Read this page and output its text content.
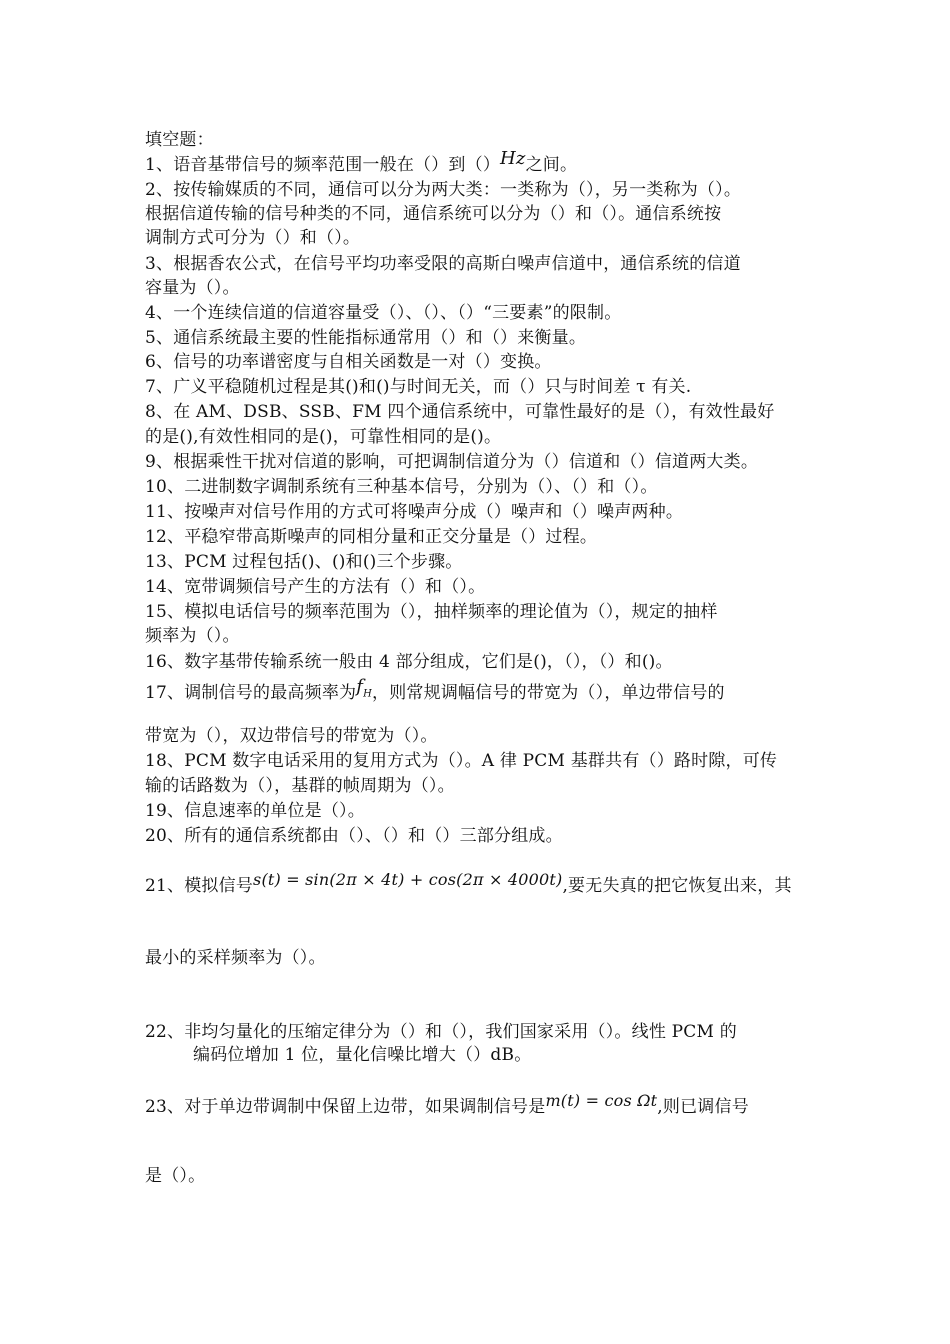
填空题：
1、语音基带信号的频率范围一般在（）到（）Hz之间。
2、按传输媒质的不同，通信可以分为两大类：一类称为（），另一类称为（）。
根据信道传输的信号种类的不同，通信系统可以分为（）和（）。通信系统按
调制方式可分为（）和（）。
3、根据香农公式，在信号平均功率受限的高斯白噪声信道中，通信系统的信道
容量为（）。
4、一个连续信道的信道容量受（）、（）、（）“三要素”的限制。
5、通信系统最主要的性能指标通常用（）和（）来衡量。
6、信号的功率谱密度与自相关函数是一对（）变换。
7、广义平稳随机过程是其()和()与时间无关，而（）只与时间差 τ 有关.
8、在 AM、DSB、SSB、FM 四个通信系统中，可靠性最好的是（），有效性最好
的是(),有效性相同的是()，可靠性相同的是()。
9、根据乘性干扰对信道的影响，可把调制信道分为（）信道和（）信道两大类。
10、二进制数字调制系统有三种基本信号，分别为（）、（）和（）。
11、按噪声对信号作用的方式可将噪声分成（）噪声和（）噪声两种。
12、平稳窄带高斯噪声的同相分量和正交分量是（）过程。
13、PCM 过程包括()、()和()三个步骤。
14、宽带调频信号产生的方法有（）和（）。
15、模拟电话信号的频率范围为（），抽样频率的理论值为（），规定的抽样
频率为（）。
16、数字基带传输系统一般由 4 部分组成，它们是()，（），（）和()。
17、调制信号的最高频率为$f_H$，则常规调幅信号的带宽为（），单边带信号的
带宽为（），双边带信号的带宽为（）。
18、PCM 数字电话采用的复用方式为（）。A 律 PCM 基群共有（）路时隙，可传
输的话路数为（），基群的帧周期为（）。
19、信息速率的单位是（）。
20、所有的通信系统都由（）、（）和（）三部分组成。
21、模拟信号s(t) = sin(2π × 4t) + cos(2π × 4000t),要无失真的把它恢复出来，其
最小的采样频率为（）。
22、非均匀量化的压缩定律分为（）和（），我们国家采用（）。线性 PCM 的
编码位增加 1 位，量化信噪比增大（）dB。
23、对于单边带调制中保留上边带，如果调制信号是m(t) = cos Ωt,则已调信号
是（）。
